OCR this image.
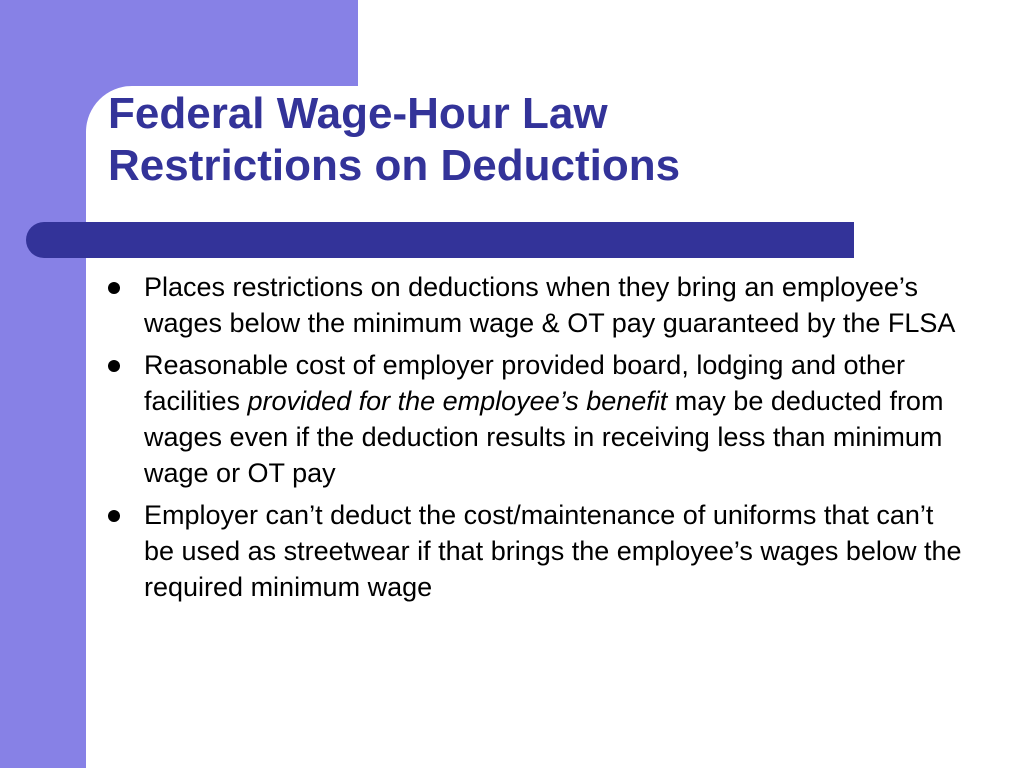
Federal Wage-Hour Law
Restrictions on Deductions
Places restrictions on deductions when they bring an employee’s wages below the minimum wage & OT pay guaranteed by the FLSA
Reasonable cost of employer provided board, lodging and other facilities provided for the employee’s benefit may be deducted from wages even if the deduction results in receiving less than minimum wage or OT pay
Employer can’t deduct the cost/maintenance of uniforms that can’t be used as streetwear if that brings the employee’s wages below the required minimum wage
